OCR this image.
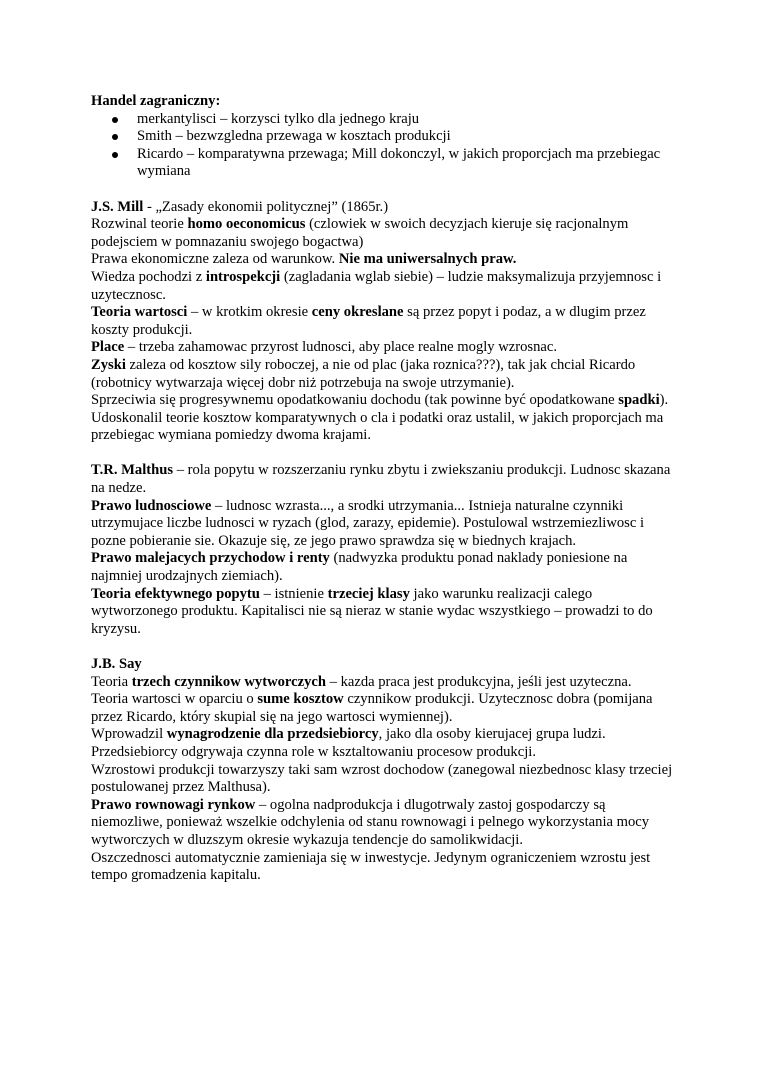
Handel zagraniczny:

merkantylisci – korzysci tylko dla jednego kraju
Smith – bezwzgledna przewaga w kosztach produkcji
Ricardo – komparatywna przewaga; Mill dokonczyl, w jakich proporcjach ma przebiegac wymiana

J.S. Mill - „Zasady ekonomii politycznej” (1865r.)

Rozwinal teorie homo oeconomicus (czlowiek w swoich decyzjach kieruje się racjonalnym podejsciem w pomnazaniu swojego bogactwa)

Prawa ekonomiczne zaleza od warunkow. Nie ma uniwersalnych praw.

Wiedza pochodzi z introspekcji (zagladania wglab siebie) – ludzie maksymalizuja przyjemnosc i uzytecznosc.

Teoria wartosci – w krotkim okresie ceny okreslane są przez popyt i podaz, a w dlugim przez koszty produkcji.

Place – trzeba zahamowac przyrost ludnosci, aby place realne mogly wzrosnac.

Zyski zaleza od kosztow sily roboczej, a nie od plac (jaka roznica???), tak jak chcial Ricardo (robotnicy wytwarzaja więcej dobr niż potrzebuja na swoje utrzymanie).

Sprzeciwia się progresywnemu opodatkowaniu dochodu (tak powinne być opodatkowane spadki).

Udoskonalil teorie kosztow komparatywnych o cla i podatki oraz ustalil, w jakich proporcjach ma przebiegac wymiana pomiedzy dwoma krajami.

T.R. Malthus – rola popytu w rozszerzaniu rynku zbytu i zwiekszaniu produkcji. Ludnosc skazana na nedze.

Prawo ludnosciowe – ludnosc wzrasta..., a srodki utrzymania... Istnieja naturalne czynniki utrzymujace liczbe ludnosci w ryzach (glod, zarazy, epidemie). Postulowal wstrzemiezliwosc i pozne pobieranie sie. Okazuje się, ze jego prawo sprawdza się w biednych krajach.

Prawo malejacych przychodow i renty (nadwyzka produktu ponad naklady poniesione na najmniej urodzajnych ziemiach).

Teoria efektywnego popytu – istnienie trzeciej klasy jako warunku realizacji calego wytworzonego produktu. Kapitalisci nie są nieraz w stanie wydac wszystkiego – prowadzi to do kryzysu.

J.B. Say

Teoria trzech czynnikow wytworczych – kazda praca jest produkcyjna, jeśli jest uzyteczna.

Teoria wartosci w oparciu o sume kosztow czynnikow produkcji. Uzytecznosc dobra (pomijana przez Ricardo, który skupial się na jego wartosci wymiennej).

Wprowadzil wynagrodzenie dla przedsiebiorcy, jako dla osoby kierujacej grupa ludzi.

Przedsiebiorcy odgrywaja czynna role w ksztaltowaniu procesow produkcji.

Wzrostowi produkcji towarzyszy taki sam wzrost dochodow (zanegowal niezbednosc klasy trzeciej postulowanej przez Malthusa).

Prawo rownowagi rynkow – ogolna nadprodukcja i dlugotrwaly zastoj gospodarczy są niemozliwe, ponieważ wszelkie odchylenia od stanu rownowagi i pelnego wykorzystania mocy wytworczych w dluzszym okresie wykazuja tendencje do samolikwidacji.

Oszczednosci automatycznie zamieniaja się w inwestycje. Jedynym ograniczeniem wzrostu jest tempo gromadzenia kapitalu.
